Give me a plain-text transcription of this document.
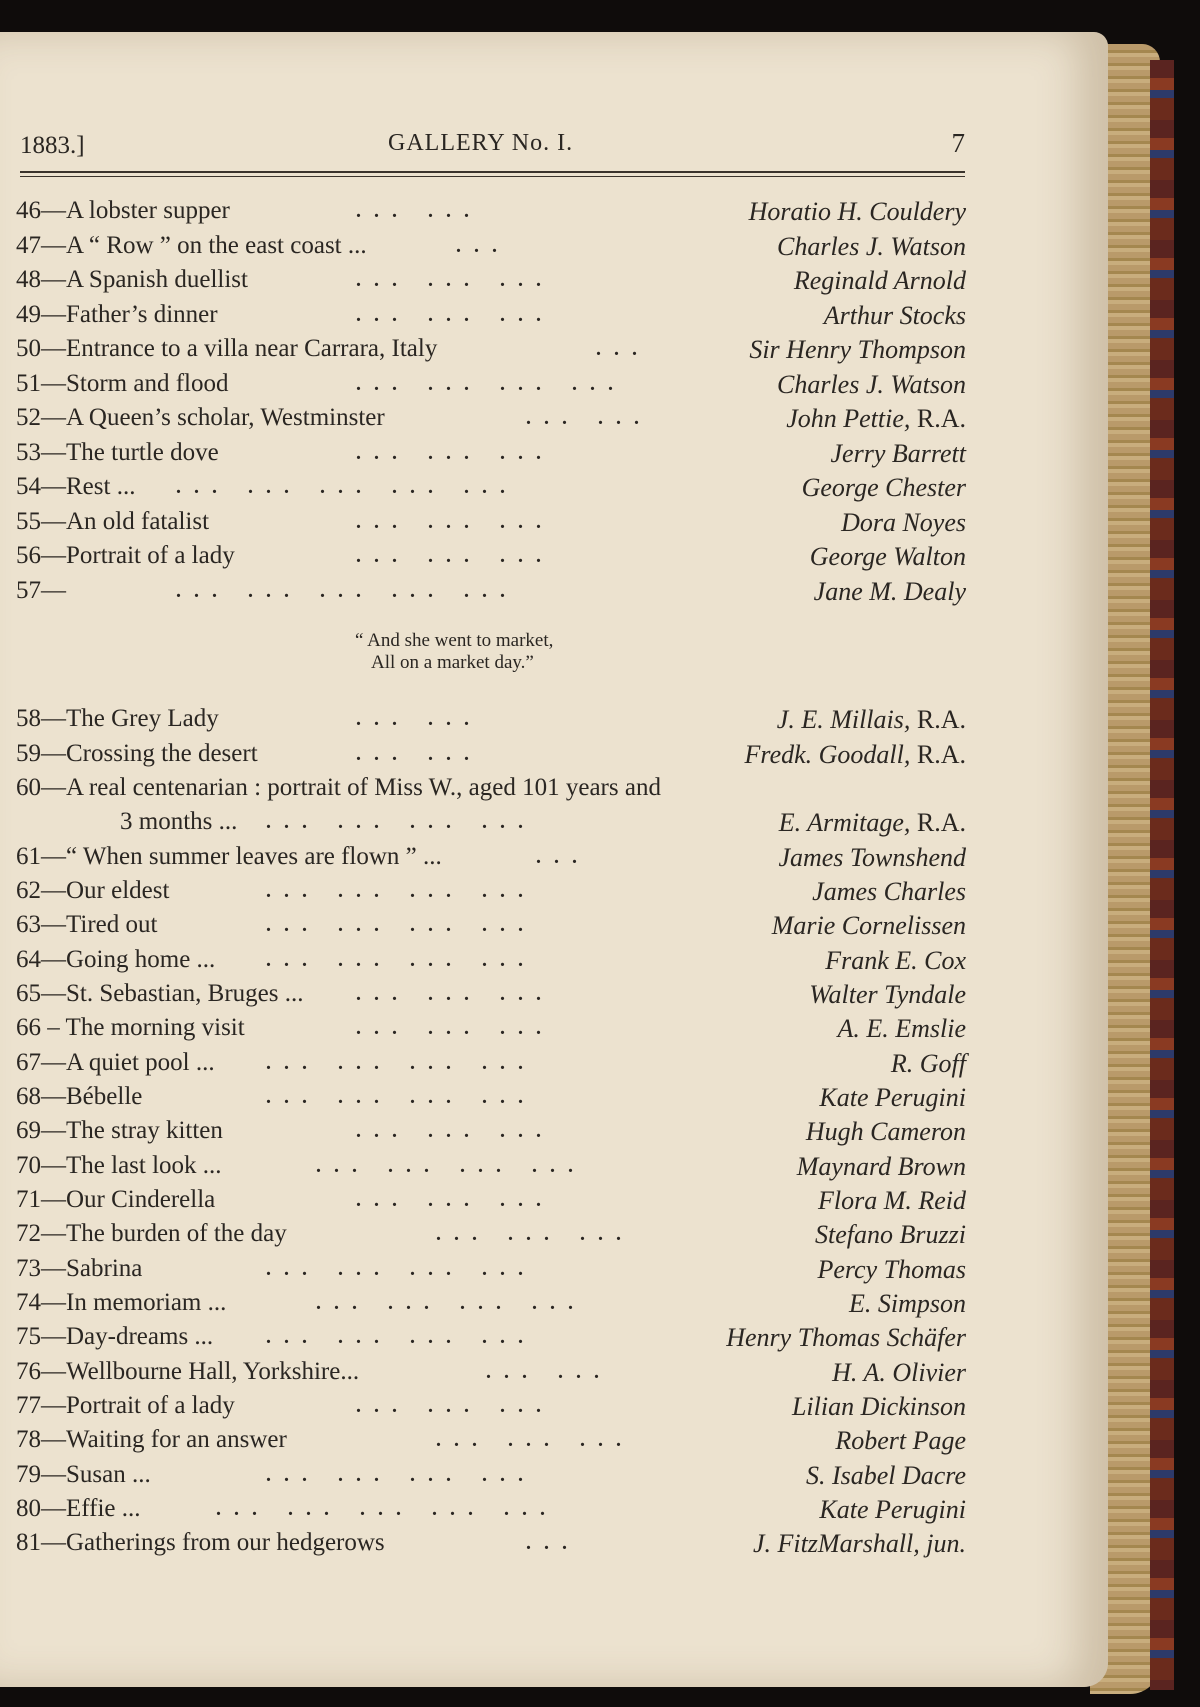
1883.]	GALLERY No. I.	7
“ And she went to market,
All on a market day.”
46—A lobster supper	... ...	Horatio H. Couldery
47—A “ Row ” on the east coast ...	...	Charles J. Watson
48—A Spanish duellist	... ... ...	Reginald Arnold
49—Father’s dinner	... ... ...	Arthur Stocks
50—Entrance to a villa near Carrara, Italy	...	Sir Henry Thompson
51—Storm and flood	... ... ... ...	Charles J. Watson
52—A Queen’s scholar, Westminster	... ...	John Pettie, R.A.
53—The turtle dove	... ... ...	Jerry Barrett
54—Rest ... ... ... ... ... ...	George Chester
55—An old fatalist	... ... ...	Dora Noyes
56—Portrait of a lady	... ... ...	George Walton
57—	... ... ... ... ...	Jane M. Dealy
58—The Grey Lady	... ...	J. E. Millais, R.A.
59—Crossing the desert	... ...	Fredk. Goodall, R.A.
60—A real centenarian : portrait of Miss W., aged 101 years and
3 months ... ... ... ... ...	E. Armitage, R.A.
61—“ When summer leaves are flown ” ...	...	James Townshend
62—Our eldest	... ... ... ...	James Charles
63—Tired out	... ... ... ...	Marie Cornelissen
64—Going home ...	... ... ... ...	Frank E. Cox
65—St. Sebastian, Bruges ...	... ... ...	Walter Tyndale
66 – The morning visit	... ... ...	A. E. Emslie
67—A quiet pool ...	... ... ... ...	R. Goff
68—Bébelle	... ... ... ...	Kate Perugini
69—The stray kitten	... ... ...	Hugh Cameron
70—The last look ...	... ... ... ...	Maynard Brown
71—Our Cinderella	... ... ...	Flora M. Reid
72—The burden of the day	... ... ...	Stefano Bruzzi
73—Sabrina	... ... ... ...	Percy Thomas
74—In memoriam ...	... ... ... ...	E. Simpson
75—Day-dreams ...	... ... ... ...	Henry Thomas Schäfer
76—Wellbourne Hall, Yorkshire...	... ...	H. A. Olivier
77—Portrait of a lady	... ... ...	Lilian Dickinson
78—Waiting for an answer	... ... ...	Robert Page
79—Susan ...	... ... ... ...	S. Isabel Dacre
80—Effie ...	... ... ... ... ...	Kate Perugini
81—Gatherings from our hedgerows	...	J. FitzMarshall, jun.
